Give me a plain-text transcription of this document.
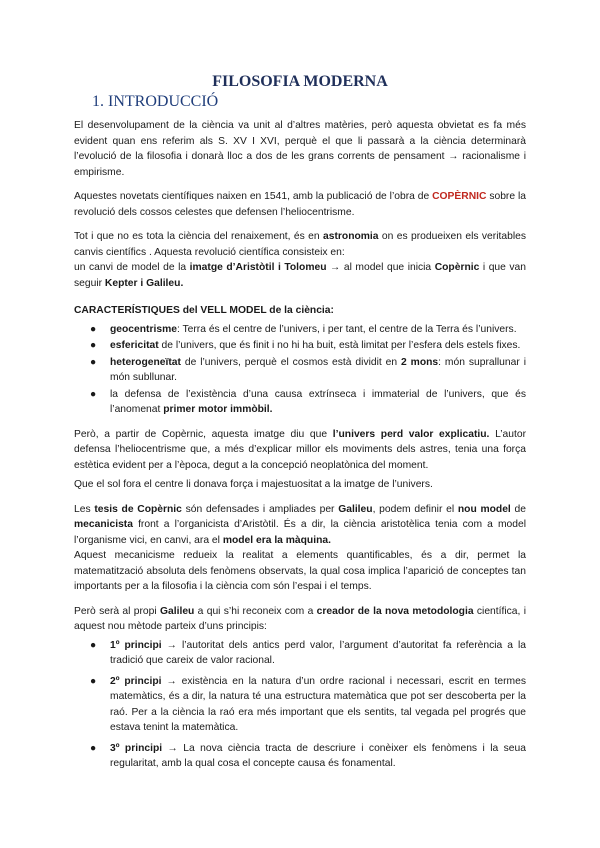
FILOSOFIA MODERNA
1. INTRODUCCIÓ

El desenvolupament de la ciència va unit al d’altres matèries, però aquesta obvietat es fa més evident quan ens referim als S. XV I XVI, perquè el que li passarà a la ciència determinarà l’evolució de la filosofia i donarà lloc a dos de les grans corrents de pensament → racionalisme i empirisme.

Aquestes novetats científiques naixen en 1541, amb la publicació de l’obra de COPÈRNIC sobre la revolució dels cossos celestes que defensen l’heliocentrisme.

Tot i que no es tota la ciència del renaixement, és en astronomia on es produeixen els veritables canvis científics . Aquesta revolució científica consisteix en:

un canvi de model de la imatge d’Aristòtil i Tolomeu → al model que inicia Copèrnic i que van seguir Kepter i Galileu.

CARACTERÍSTIQUES del VELL MODEL de la ciència:
● geocentrisme: Terra és el centre de l’univers, i per tant, el centre de la Terra és l’univers.
● esfericitat de l’univers, que és finit i no hi ha buit, està limitat per l’esfera dels estels fixes.
● heterogeneïtat de l’univers, perquè el cosmos està dividit en 2 mons: món suprallunar i món subllunar.
● la defensa de l’existència d’una causa extrínseca i immaterial de l’univers, que és l’anomenat primer motor immòbil.

Però, a partir de Copèrnic, aquesta imatge diu que l’univers perd valor explicatiu. L’autor defensa l’heliocentrisme que, a més d’explicar millor els moviments dels astres, tenia una força estètica evident per a l’època, degut a la concepció neoplatònica del moment.

Que el sol fora el centre li donava força i majestuositat a la imatge de l’univers.

Les tesis de Copèrnic són defensades i ampliades per Galileu, podem definir el nou model de mecanicista front a l’organicista d’Aristòtil. És a dir, la ciència aristotèlica tenia com a model l’organisme vici, en canvi, ara el model era la màquina.

Aquest mecanicisme redueix la realitat a elements quantificables, és a dir, permet la matematització absoluta dels fenòmens observats, la qual cosa implica l’aparició de conceptes tan importants per a la filosofia i la ciència com són l’espai i el temps.

Però serà al propi Galileu a qui s’hi reconeix com a creador de la nova metodologia científica, i aquest nou mètode parteix d’uns principis:

● 1º principi → l’autoritat dels antics perd valor, l’argument d’autoritat fa referència a la tradició que careix de valor racional.
● 2º principi → existència en la natura d’un ordre racional i necessari, escrit en termes matemàtics, és a dir, la natura té una estructura matemàtica que pot ser descoberta per la raó. Per a la ciència la raó era més important que els sentits, tal vegada pel progrés que estava tenint la matemàtica.
● 3º principi → La nova ciència tracta de descriure i conèixer els fenòmens i la seua regularitat, amb la qual cosa el concepte causa és fonamental.
